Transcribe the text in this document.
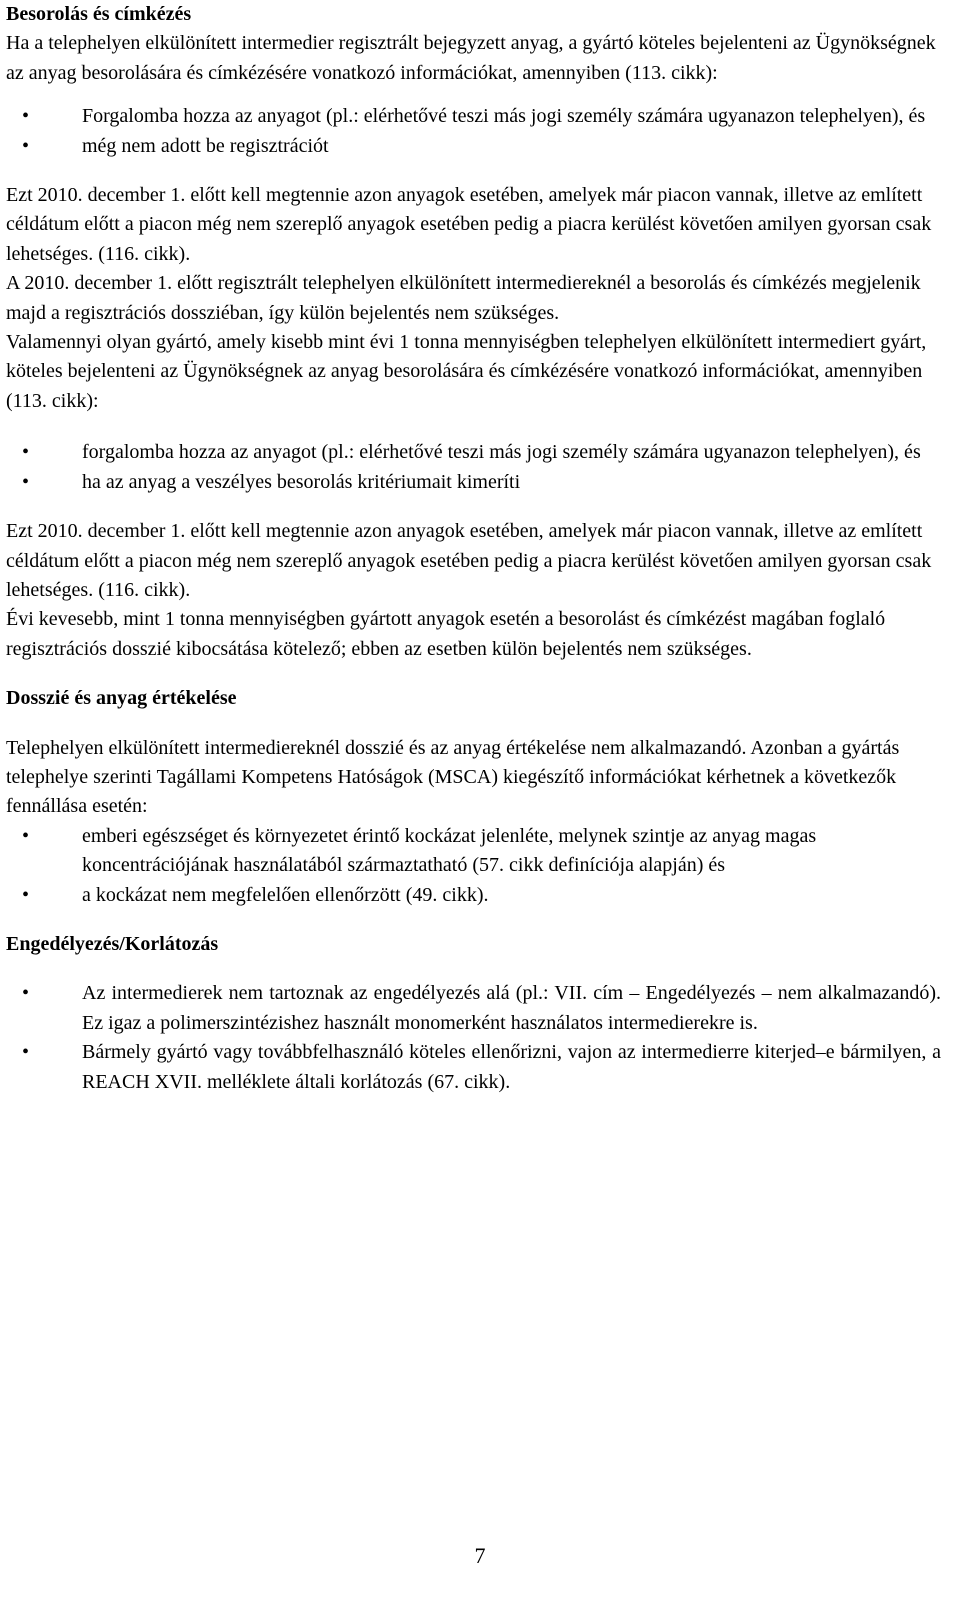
Besorolás és címkézés

Ha a telephelyen elkülönített intermedier regisztrált bejegyzett anyag, a gyártó köteles bejelenteni az Ügynökségnek az anyag besorolására és címkézésére vonatkozó információkat, amennyiben (113. cikk):

• Forgalomba hozza az anyagot (pl.: elérhetővé teszi más jogi személy számára ugyanazon telephelyen), és
• még nem adott be regisztrációt

Ezt 2010. december 1. előtt kell megtennie azon anyagok esetében, amelyek már piacon vannak, illetve az említett céldátum előtt a piacon még nem szereplő anyagok esetében pedig a piacra kerülést követően amilyen gyorsan csak lehetséges. (116. cikk).

A 2010. december 1. előtt regisztrált telephelyen elkülönített intermediereknél a besorolás és címkézés megjelenik majd a regisztrációs dossziéban, így külön bejelentés nem szükséges.

Valamennyi olyan gyártó, amely kisebb mint évi 1 tonna mennyiségben telephelyen elkülönített intermediert gyárt, köteles bejelenteni az Ügynökségnek az anyag besorolására és címkézésére vonatkozó információkat, amennyiben (113. cikk):

• forgalomba hozza az anyagot (pl.: elérhetővé teszi más jogi személy számára ugyanazon telephelyen), és
• ha az anyag a veszélyes besorolás kritériumait kimeríti

Ezt 2010. december 1. előtt kell megtennie azon anyagok esetében, amelyek már piacon vannak, illetve az említett céldátum előtt a piacon még nem szereplő anyagok esetében pedig a piacra kerülést követően amilyen gyorsan csak lehetséges. (116. cikk).

Évi kevesebb, mint 1 tonna mennyiségben gyártott anyagok esetén a besorolást és címkézést magában foglaló regisztrációs dosszié kibocsátása kötelező; ebben az esetben külön bejelentés nem szükséges.

Dosszié és anyag értékelése

Telephelyen elkülönített intermediereknél dosszié és az anyag értékelése nem alkalmazandó. Azonban a gyártás telephelye szerinti Tagállami Kompetens Hatóságok (MSCA) kiegészítő információkat kérhetnek a következők fennállása esetén:

• emberi egészséget és környezetet érintő kockázat jelenléte, melynek szintje az anyag magas koncentrációjának használatából származtatható (57. cikk definíciója alapján) és
• a kockázat nem megfelelően ellenőrzött (49. cikk).
Engedélyezés/Korlátozás
• Az intermedierek nem tartoznak az engedélyezés alá (pl.: VII. cím – Engedélyezés – nem alkalmazandó). Ez igaz a polimerszintézishez használt monomerként használatos intermedierekre is.
• Bármely gyártó vagy továbbfelhasználó köteles ellenőrizni, vajon az intermedierre kiterjed–e bármilyen, a REACH XVII. melléklete általi korlátozás (67. cikk).
7
